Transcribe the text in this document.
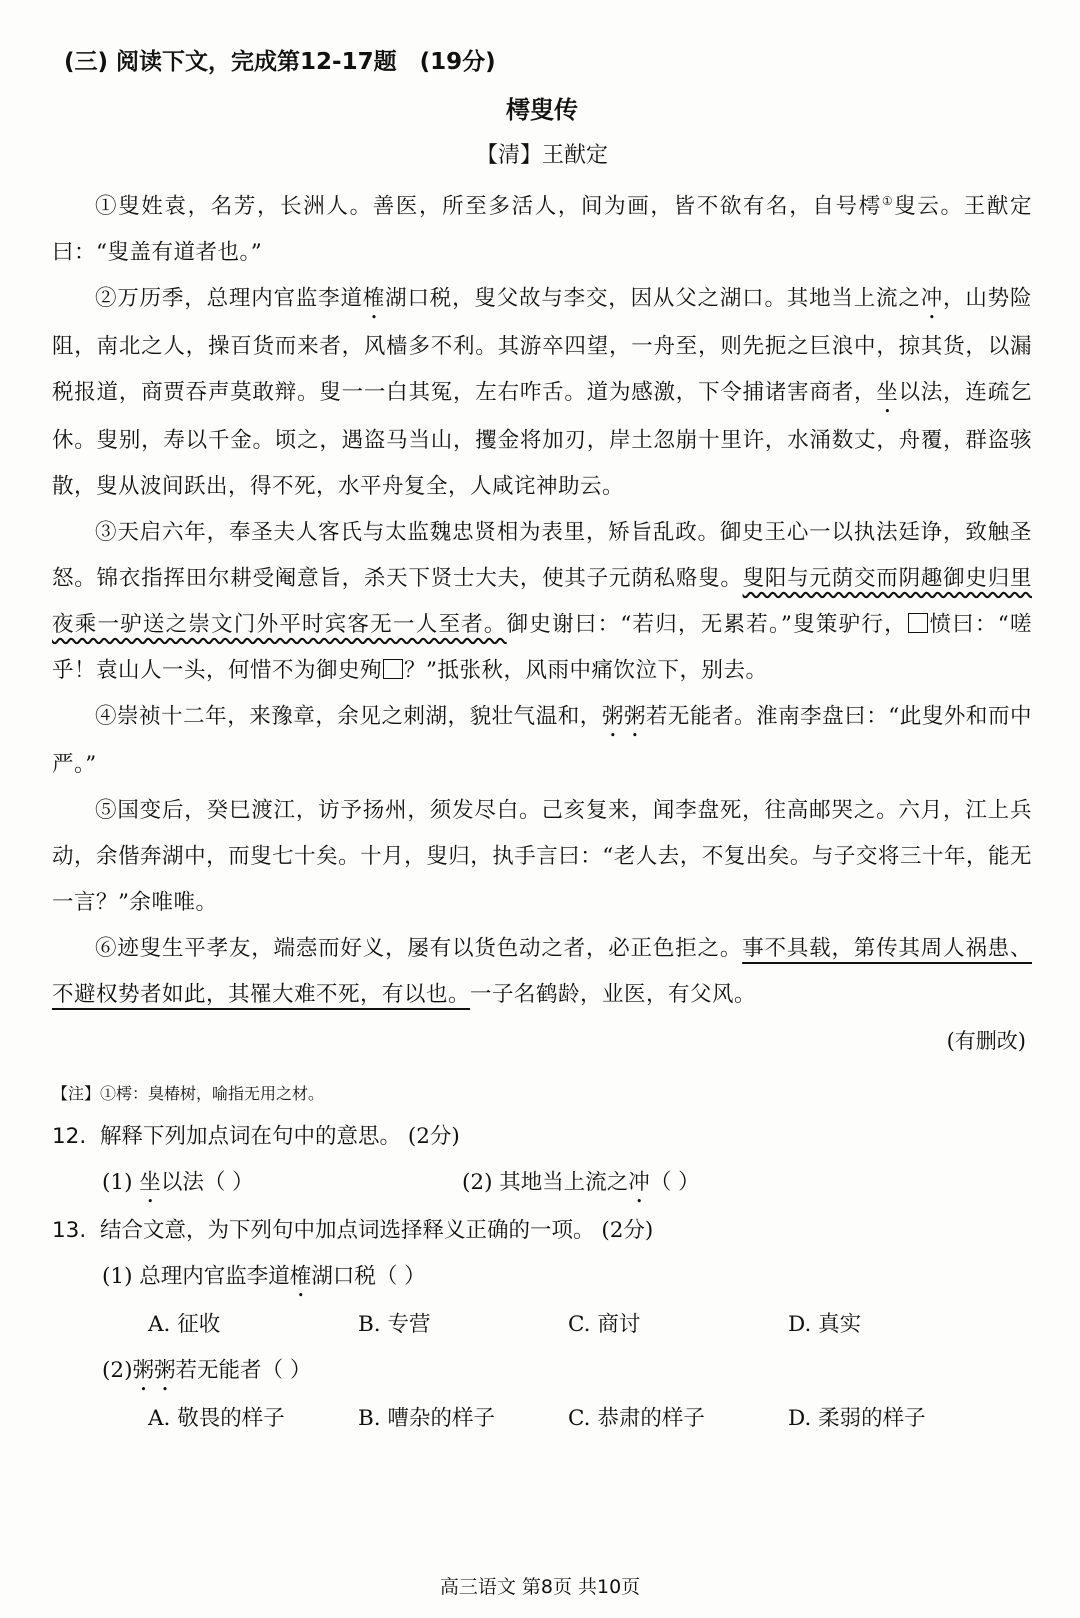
(三) 阅读下文，完成第12-17题　(19分)
樗叟传
【清】王猷定

①叟姓袁，名芳，长洲人。善医，所至多活人，间为画，皆不欲有名，自号樗①叟云。王猷定曰：“叟盖有道者也。”

②万历季，总理内官监李道榷湖口税，叟父故与李交，因从父之湖口。其地当上流之冲，山势险阻，南北之人，操百货而来者，风樯多不利。其游卒四望，一舟至，则先扼之巨浪中，掠其货，以漏税报道，商贾吞声莫敢辩。叟一一白其冤，左右咋舌。道为感激，下令捕诸害商者，坐以法，连疏乞休。叟别，寿以千金。顷之，遇盗马当山，攫金将加刃，岸土忽崩十里许，水涌数丈，舟覆，群盗骇散，叟从波间跃出，得不死，水平舟复全，人咸诧神助云。

③天启六年，奉圣夫人客氏与太监魏忠贤相为表里，矫旨乱政。御史王心一以执法廷诤，致触圣怒。锦衣指挥田尔耕受阉意旨，杀天下贤士大夫，使其子元荫私赂叟。叟阳与元荫交而阴趣御史归里夜乘一驴送之崇文门外平时宾客无一人至者。御史谢曰：“若归，无累若。”叟策驴行， 愤曰：“嗟乎！袁山人一头，何惜不为御史殉 ？”抵张秋，风雨中痛饮泣下，别去。

④崇祯十二年，来豫章，余见之刺湖，貌壮气温和，粥粥若无能者。淮南李盘曰：“此叟外和而中严。”

⑤国变后，癸巳渡江，访予扬州，须发尽白。己亥复来，闻李盘死，往高邮哭之。六月，江上兵动，余偕奔湖中，而叟七十矣。十月，叟归，执手言曰：“老人去，不复出矣。与子交将三十年，能无一言？”余唯唯。

⑥迹叟生平孝友，端悫而好义，屡有以货色动之者，必正色拒之。事不具载，第传其周人祸患、不避权势者如此，其罹大难不死，有以也。一子名鹤龄，业医，有父风。

(有删改)
【注】①樗：臭椿树，喻指无用之材。
12. 解释下列加点词在句中的意思。 (2分)
(1) 坐以法（ ）	(2) 其地当上流之冲（ ）
13. 结合文意，为下列句中加点词选择释义正确的一项。 (2分)
(1) 总理内官监李道 榷 湖口税（ ）
A. 征收	B. 专营	C. 商讨	D. 真实
(2) 粥粥 若无能者（ ）
A. 敬畏的样子	B. 嘈杂的样子	C. 恭肃的样子	D. 柔弱的样子
高三语文 第8页 共10页
